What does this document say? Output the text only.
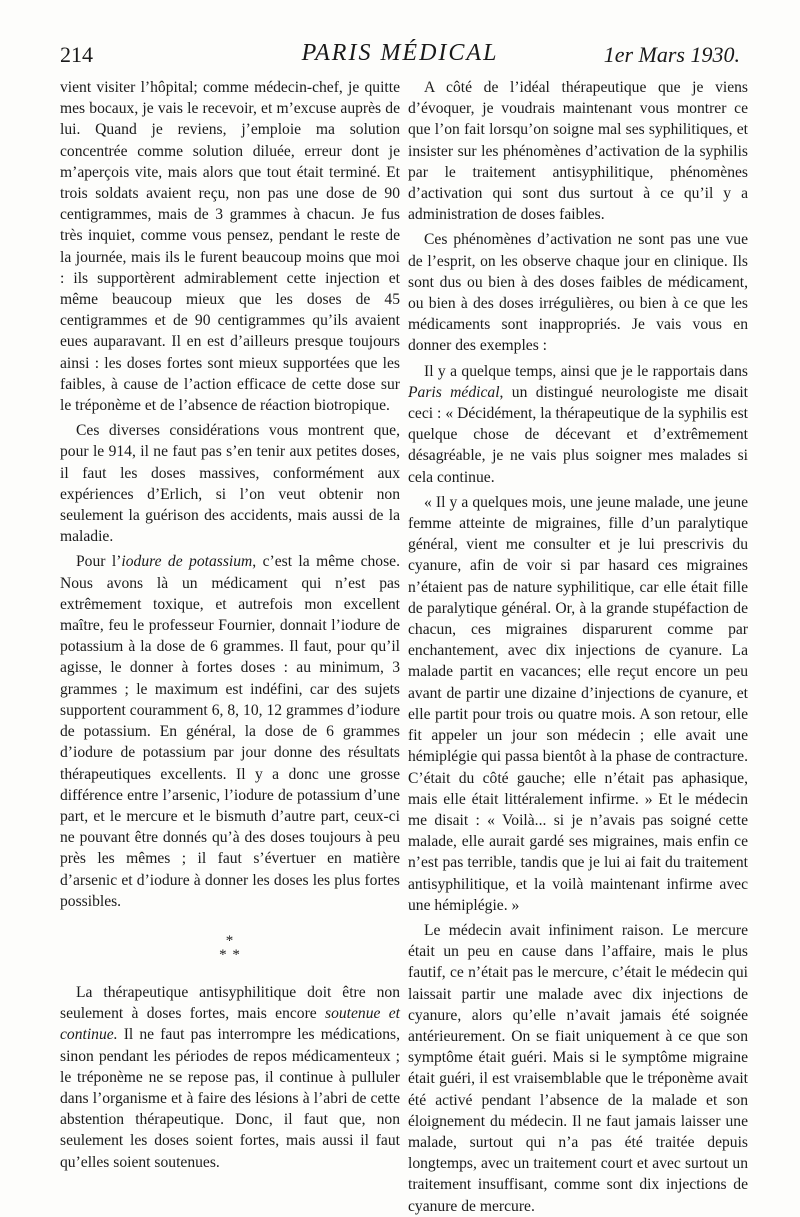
214	PARIS MÉDICAL	1er Mars 1930.

vient visiter l’hôpital; comme médecin-chef, je quitte mes bocaux, je vais le recevoir, et m’excuse auprès de lui. Quand je reviens, j’emploie ma solution concentrée comme solution diluée, erreur dont je m’aperçois vite, mais alors que tout était terminé. Et trois soldats avaient reçu, non pas une dose de 90 centigrammes, mais de 3 grammes à chacun. Je fus très inquiet, comme vous pensez, pendant le reste de la journée, mais ils le furent beaucoup moins que moi : ils supportèrent admirablement cette injection et même beaucoup mieux que les doses de 45 centigrammes et de 90 centigrammes qu’ils avaient eues auparavant. Il en est d’ailleurs presque toujours ainsi : les doses fortes sont mieux supportées que les faibles, à cause de l’action efficace de cette dose sur le tréponème et de l’absence de réaction biotropique.

Ces diverses considérations vous montrent que, pour le 914, il ne faut pas s’en tenir aux petites doses, il faut les doses massives, conformément aux expériences d’Erlich, si l’on veut obtenir non seulement la guérison des accidents, mais aussi de la maladie.

Pour l’iodure de potassium, c’est la même chose. Nous avons là un médicament qui n’est pas extrêmement toxique, et autrefois mon excellent maître, feu le professeur Fournier, donnait l’iodure de potassium à la dose de 6 grammes. Il faut, pour qu’il agisse, le donner à fortes doses : au minimum, 3 grammes ; le maximum est indéfini, car des sujets supportent couramment 6, 8, 10, 12 grammes d’iodure de potassium. En général, la dose de 6 grammes d’iodure de potassium par jour donne des résultats thérapeutiques excellents. Il y a donc une grosse différence entre l’arsenic, l’iodure de potassium d’une part, et le mercure et le bismuth d’autre part, ceux-ci ne pouvant être donnés qu’à des doses toujours à peu près les mêmes ; il faut s’évertuer en matière d’arsenic et d’iodure à donner les doses les plus fortes possibles.

*
* *

La thérapeutique antisyphilitique doit être non seulement à doses fortes, mais encore soutenue et continue. Il ne faut pas interrompre les médications, sinon pendant les périodes de repos médicamenteux ; le tréponème ne se repose pas, il continue à pulluler dans l’organisme et à faire des lésions à l’abri de cette abstention thérapeutique. Donc, il faut que, non seulement les doses soient fortes, mais aussi il faut qu’elles soient soutenues.

A côté de l’idéal thérapeutique que je viens d’évoquer, je voudrais maintenant vous montrer ce que l’on fait lorsqu’on soigne mal ses syphilitiques, et insister sur les phénomènes d’activation de la syphilis par le traitement antisyphilitique, phénomènes d’activation qui sont dus surtout à ce qu’il y a administration de doses faibles.

Ces phénomènes d’activation ne sont pas une vue de l’esprit, on les observe chaque jour en clinique. Ils sont dus ou bien à des doses faibles de médicament, ou bien à des doses irrégulières, ou bien à ce que les médicaments sont inappropriés. Je vais vous en donner des exemples :

Il y a quelque temps, ainsi que je le rapportais dans Paris médical, un distingué neurologiste me disait ceci : « Décidément, la thérapeutique de la syphilis est quelque chose de décevant et d’extrêmement désagréable, je ne vais plus soigner mes malades si cela continue.

« Il y a quelques mois, une jeune malade, une jeune femme atteinte de migraines, fille d’un paralytique général, vient me consulter et je lui prescrivis du cyanure, afin de voir si par hasard ces migraines n’étaient pas de nature syphilitique, car elle était fille de paralytique général. Or, à la grande stupéfaction de chacun, ces migraines disparurent comme par enchantement, avec dix injections de cyanure. La malade partit en vacances; elle reçut encore un peu avant de partir une dizaine d’injections de cyanure, et elle partit pour trois ou quatre mois. A son retour, elle fit appeler un jour son médecin ; elle avait une hémiplégie qui passa bientôt à la phase de contracture. C’était du côté gauche; elle n’était pas aphasique, mais elle était littéralement infirme. » Et le médecin me disait : « Voilà... si je n’avais pas soigné cette malade, elle aurait gardé ses migraines, mais enfin ce n’est pas terrible, tandis que je lui ai fait du traitement antisyphilitique, et la voilà maintenant infirme avec une hémiplégie. »

Le médecin avait infiniment raison. Le mercure était un peu en cause dans l’affaire, mais le plus fautif, ce n’était pas le mercure, c’était le médecin qui laissait partir une malade avec dix injections de cyanure, alors qu’elle n’avait jamais été soignée antérieurement. On se fiait uniquement à ce que son symptôme était guéri. Mais si le symptôme migraine était guéri, il est vraisemblable que le tréponème avait été activé pendant l’absence de la malade et son éloignement du médecin. Il ne faut jamais laisser une malade, surtout qui n’a pas été traitée depuis longtemps, avec un traitement court et avec surtout un traitement insuffisant, comme sont dix injections de cyanure de mercure.
